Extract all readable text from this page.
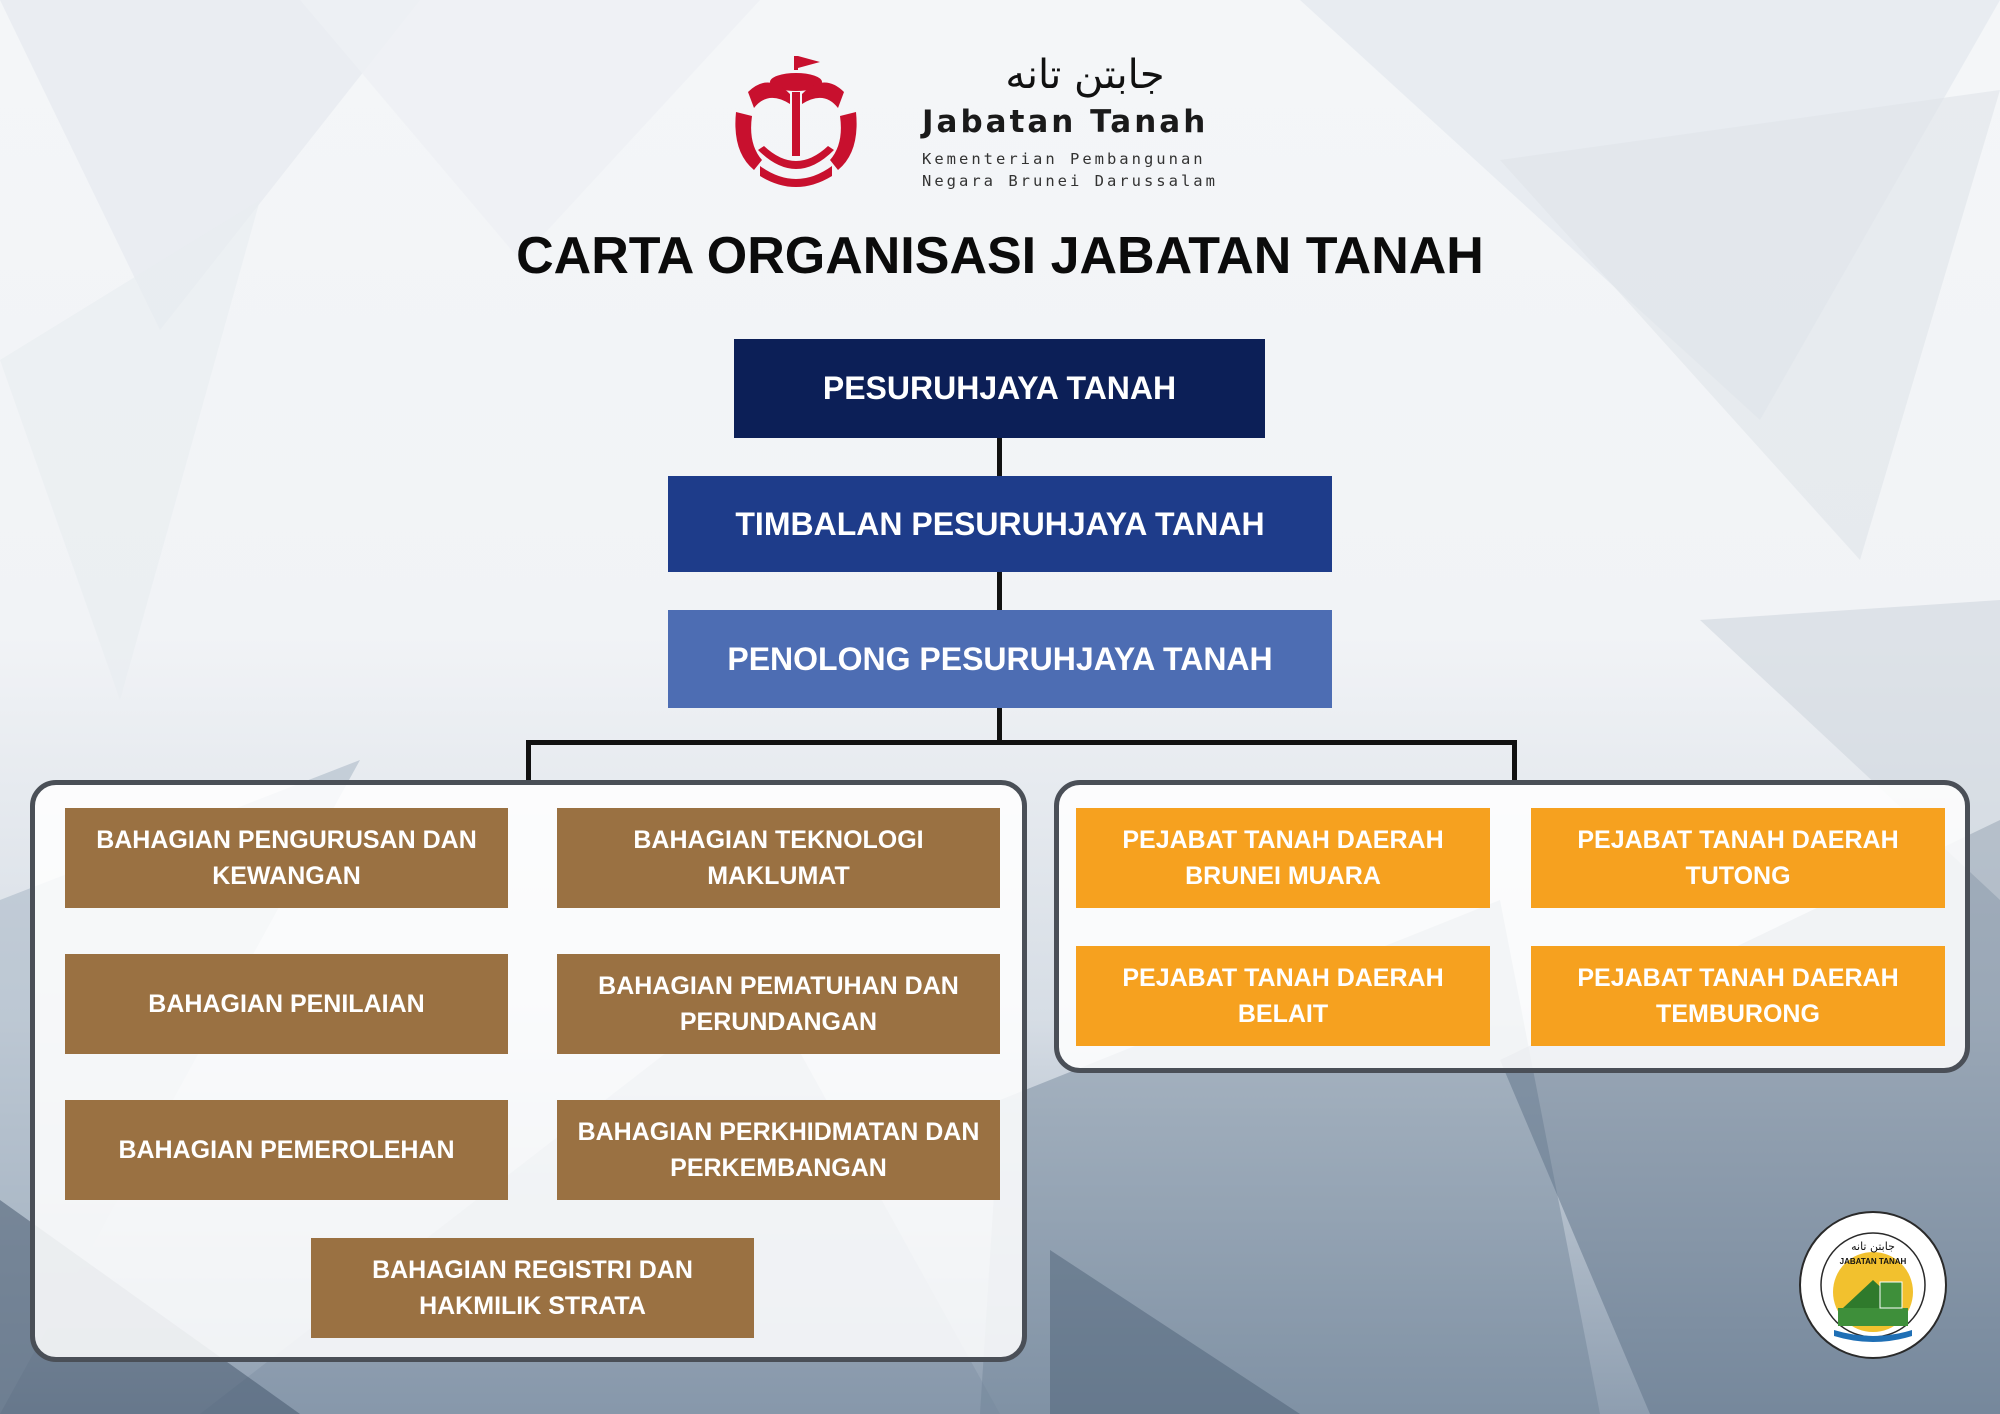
جابتن تانه
Jabatan Tanah
Kementerian Pembangunan
Negara Brunei Darussalam
CARTA ORGANISASI JABATAN TANAH
PESURUHJAYA TANAH
TIMBALAN PESURUHJAYA TANAH
PENOLONG PESURUHJAYA TANAH
BAHAGIAN PENGURUSAN DAN
KEWANGAN
BAHAGIAN TEKNOLOGI
MAKLUMAT
BAHAGIAN PENILAIAN
BAHAGIAN PEMATUHAN DAN
PERUNDANGAN
BAHAGIAN PEMEROLEHAN
BAHAGIAN PERKHIDMATAN DAN
PERKEMBANGAN
BAHAGIAN REGISTRI DAN
HAKMILIK STRATA
PEJABAT TANAH DAERAH
BRUNEI MUARA
PEJABAT TANAH DAERAH
TUTONG
PEJABAT TANAH DAERAH
BELAIT
PEJABAT TANAH DAERAH
TEMBURONG
جابتن تانه
JABATAN TANAH
